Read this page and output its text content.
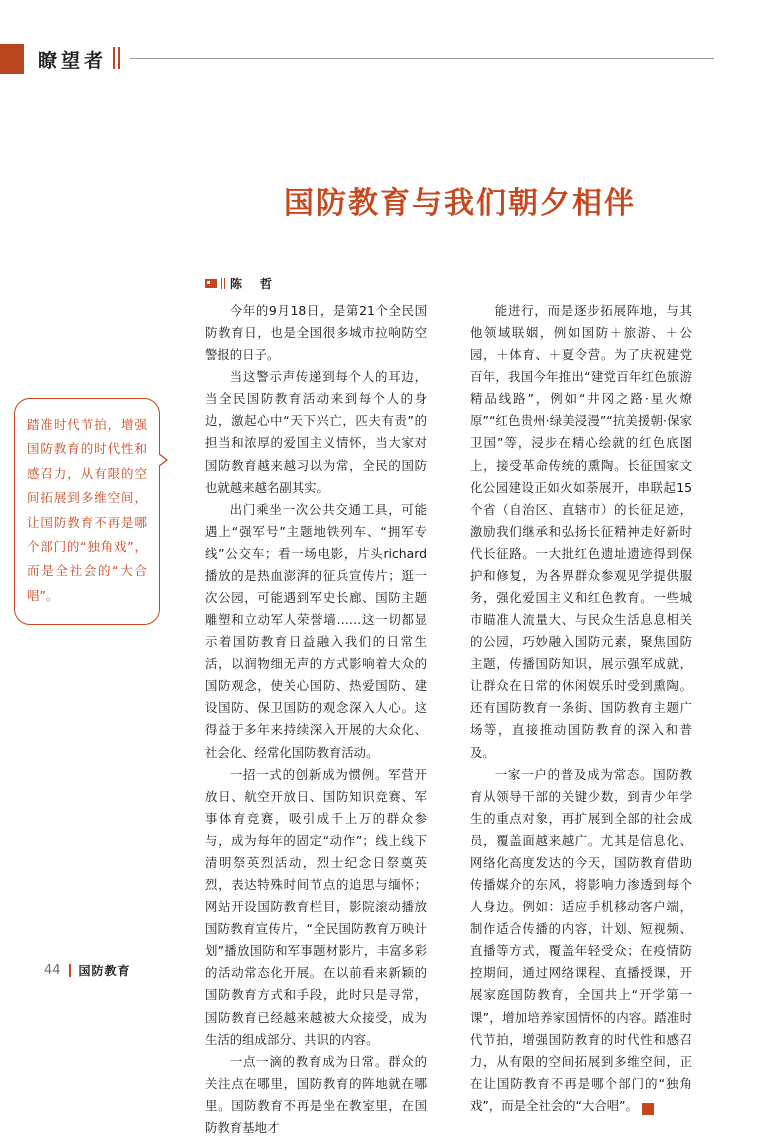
瞭望者
国防教育与我们朝夕相伴
陈　哲
踏准时代节拍，增强国防教育的时代性和感召力，从有限的空间拓展到多维空间，让国防教育不再是哪个部门的“独角戏”，而是全社会的“大合唱”。

今年的9月18日，是第21个全民国防教育日，也是全国很多城市拉响防空警报的日子。

当这警示声传递到每个人的耳边，当全民国防教育活动来到每个人的身边，激起心中“天下兴亡，匹夫有责”的担当和浓厚的爱国主义情怀，当大家对国防教育越来越习以为常，全民的国防也就越来越名副其实。

出门乘坐一次公共交通工具，可能遇上“强军号”主题地铁列车、“拥军专线”公交车；看一场电影，片头richard播放的是热血澎湃的征兵宣传片；逛一次公园，可能遇到军史长廊、国防主题雕塑和立动军人荣誉墙……这一切都显示着国防教育日益融入我们的日常生活，以润物细无声的方式影响着大众的国防观念，使关心国防、热爱国防、建设国防、保卫国防的观念深入人心。这得益于多年来持续深入开展的大众化、社会化、经常化国防教育活动。

一招一式的创新成为惯例。军营开放日、航空开放日、国防知识竞赛、军事体育竞赛，吸引成千上万的群众参与，成为每年的固定“动作”；线上线下清明祭英烈活动，烈士纪念日祭奠英烈，表达特殊时间节点的追思与缅怀；网站开设国防教育栏目，影院滚动播放国防教育宣传片，“全民国防教育万映计划”播放国防和军事题材影片，丰富多彩的活动常态化开展。在以前看来新颖的国防教育方式和手段，此时只是寻常，国防教育已经越来越被大众接受，成为生活的组成部分、共识的内容。

一点一滴的教育成为日常。群众的关注点在哪里，国防教育的阵地就在哪里。国防教育不再是坐在教室里，在国防教育基地才

能进行，而是逐步拓展阵地，与其他领域联姻，例如国防＋旅游、＋公园，＋体育、＋夏令营。为了庆祝建党百年，我国今年推出“建党百年红色旅游精品线路”，例如“井冈之路·星火燎原”“红色贵州·绿美浸漫”“抗美援朝·保家卫国”等，浸步在精心绘就的红色底图上，接受革命传统的熏陶。长征国家文化公园建设正如火如荼展开，串联起15个省（自治区、直辖市）的长征足迹，激励我们继承和弘扬长征精神走好新时代长征路。一大批红色遗址遗迹得到保护和修复，为各界群众参观见学提供服务，强化爱国主义和红色教育。一些城市瞄准人流量大、与民众生活息息相关的公园，巧妙融入国防元素，聚焦国防主题，传播国防知识，展示强军成就，让群众在日常的休闲娱乐时受到熏陶。还有国防教育一条街、国防教育主题广场等，直接推动国防教育的深入和普及。

一家一户的普及成为常态。国防教育从领导干部的关键少数，到青少年学生的重点对象，再扩展到全部的社会成员，覆盖面越来越广。尤其是信息化、网络化高度发达的今天，国防教育借助传播媒介的东风，将影响力渗透到每个人身边。例如：适应手机移动客户端，制作适合传播的内容，计划、短视频、直播等方式，覆盖年轻受众；在疫情防控期间，通过网络课程、直播授课，开展家庭国防教育，全国共上“开学第一课”，增加培养家国情怀的内容。踏准时代节拍，增强国防教育的时代性和感召力，从有限的空间拓展到多维空间，正在让国防教育不再是哪个部门的“独角戏”，而是全社会的“大合唱”。	C

44 国防教育
